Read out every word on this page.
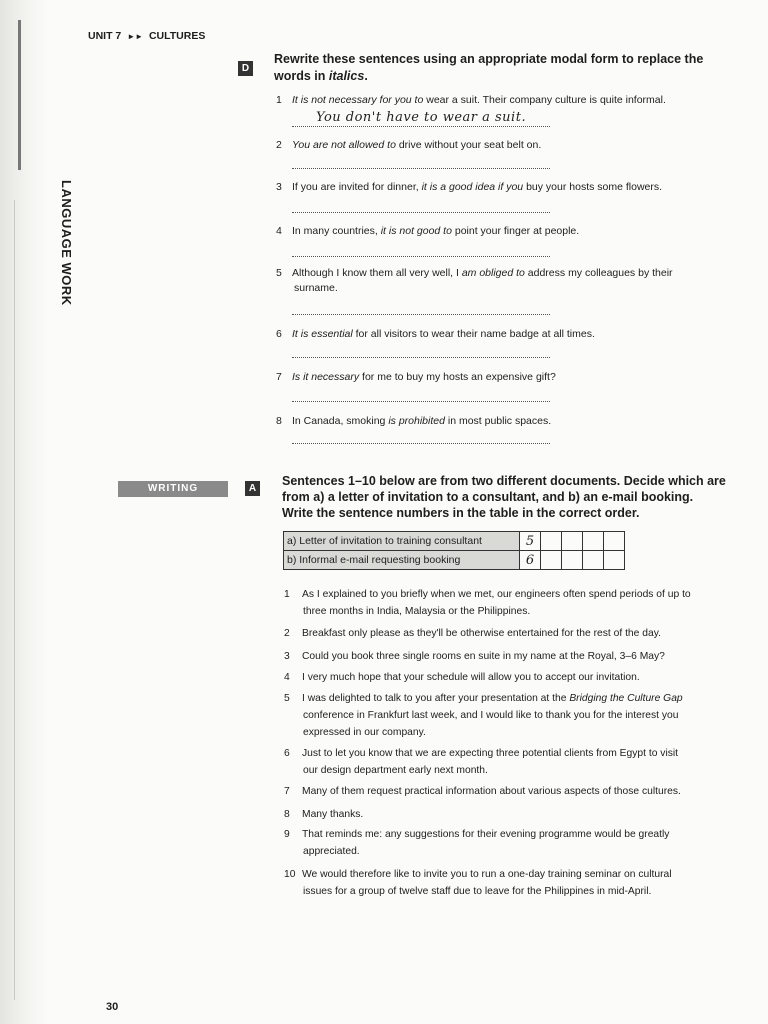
LANGUAGE WORK
UNIT 7 ►► CULTURES
D
Rewrite these sentences using an appropriate modal form to replace the words in italics.
1 It is not necessary for you to wear a suit. Their company culture is quite informal.
You don't have to wear a suit.
2 You are not allowed to drive without your seat belt on.
3 If you are invited for dinner, it is a good idea if you buy your hosts some flowers.
4 In many countries, it is not good to point your finger at people.
5 Although I know them all very well, I am obliged to address my colleagues by their
surname.
6 It is essential for all visitors to wear their name badge at all times.
7 Is it necessary for me to buy my hosts an expensive gift?
8 In Canada, smoking is prohibited in most public spaces.
WRITING	A
Sentences 1–10 below are from two different documents. Decide which are from a) a letter of invitation to a consultant, and b) an e-mail booking. Write the sentence numbers in the table in the correct order.
a) Letter of invitation to training consultant	5				
b) Informal e-mail requesting booking	6				
1 As I explained to you briefly when we met, our engineers often spend periods of up to
three months in India, Malaysia or the Philippines.
2 Breakfast only please as they'll be otherwise entertained for the rest of the day.
3 Could you book three single rooms en suite in my name at the Royal, 3–6 May?
4 I very much hope that your schedule will allow you to accept our invitation.
5 I was delighted to talk to you after your presentation at the Bridging the Culture Gap
conference in Frankfurt last week, and I would like to thank you for the interest you
expressed in our company.
6 Just to let you know that we are expecting three potential clients from Egypt to visit
our design department early next month.
7 Many of them request practical information about various aspects of those cultures.
8 Many thanks.
9 That reminds me: any suggestions for their evening programme would be greatly
appreciated.
10 We would therefore like to invite you to run a one-day training seminar on cultural
issues for a group of twelve staff due to leave for the Philippines in mid-April.
30
